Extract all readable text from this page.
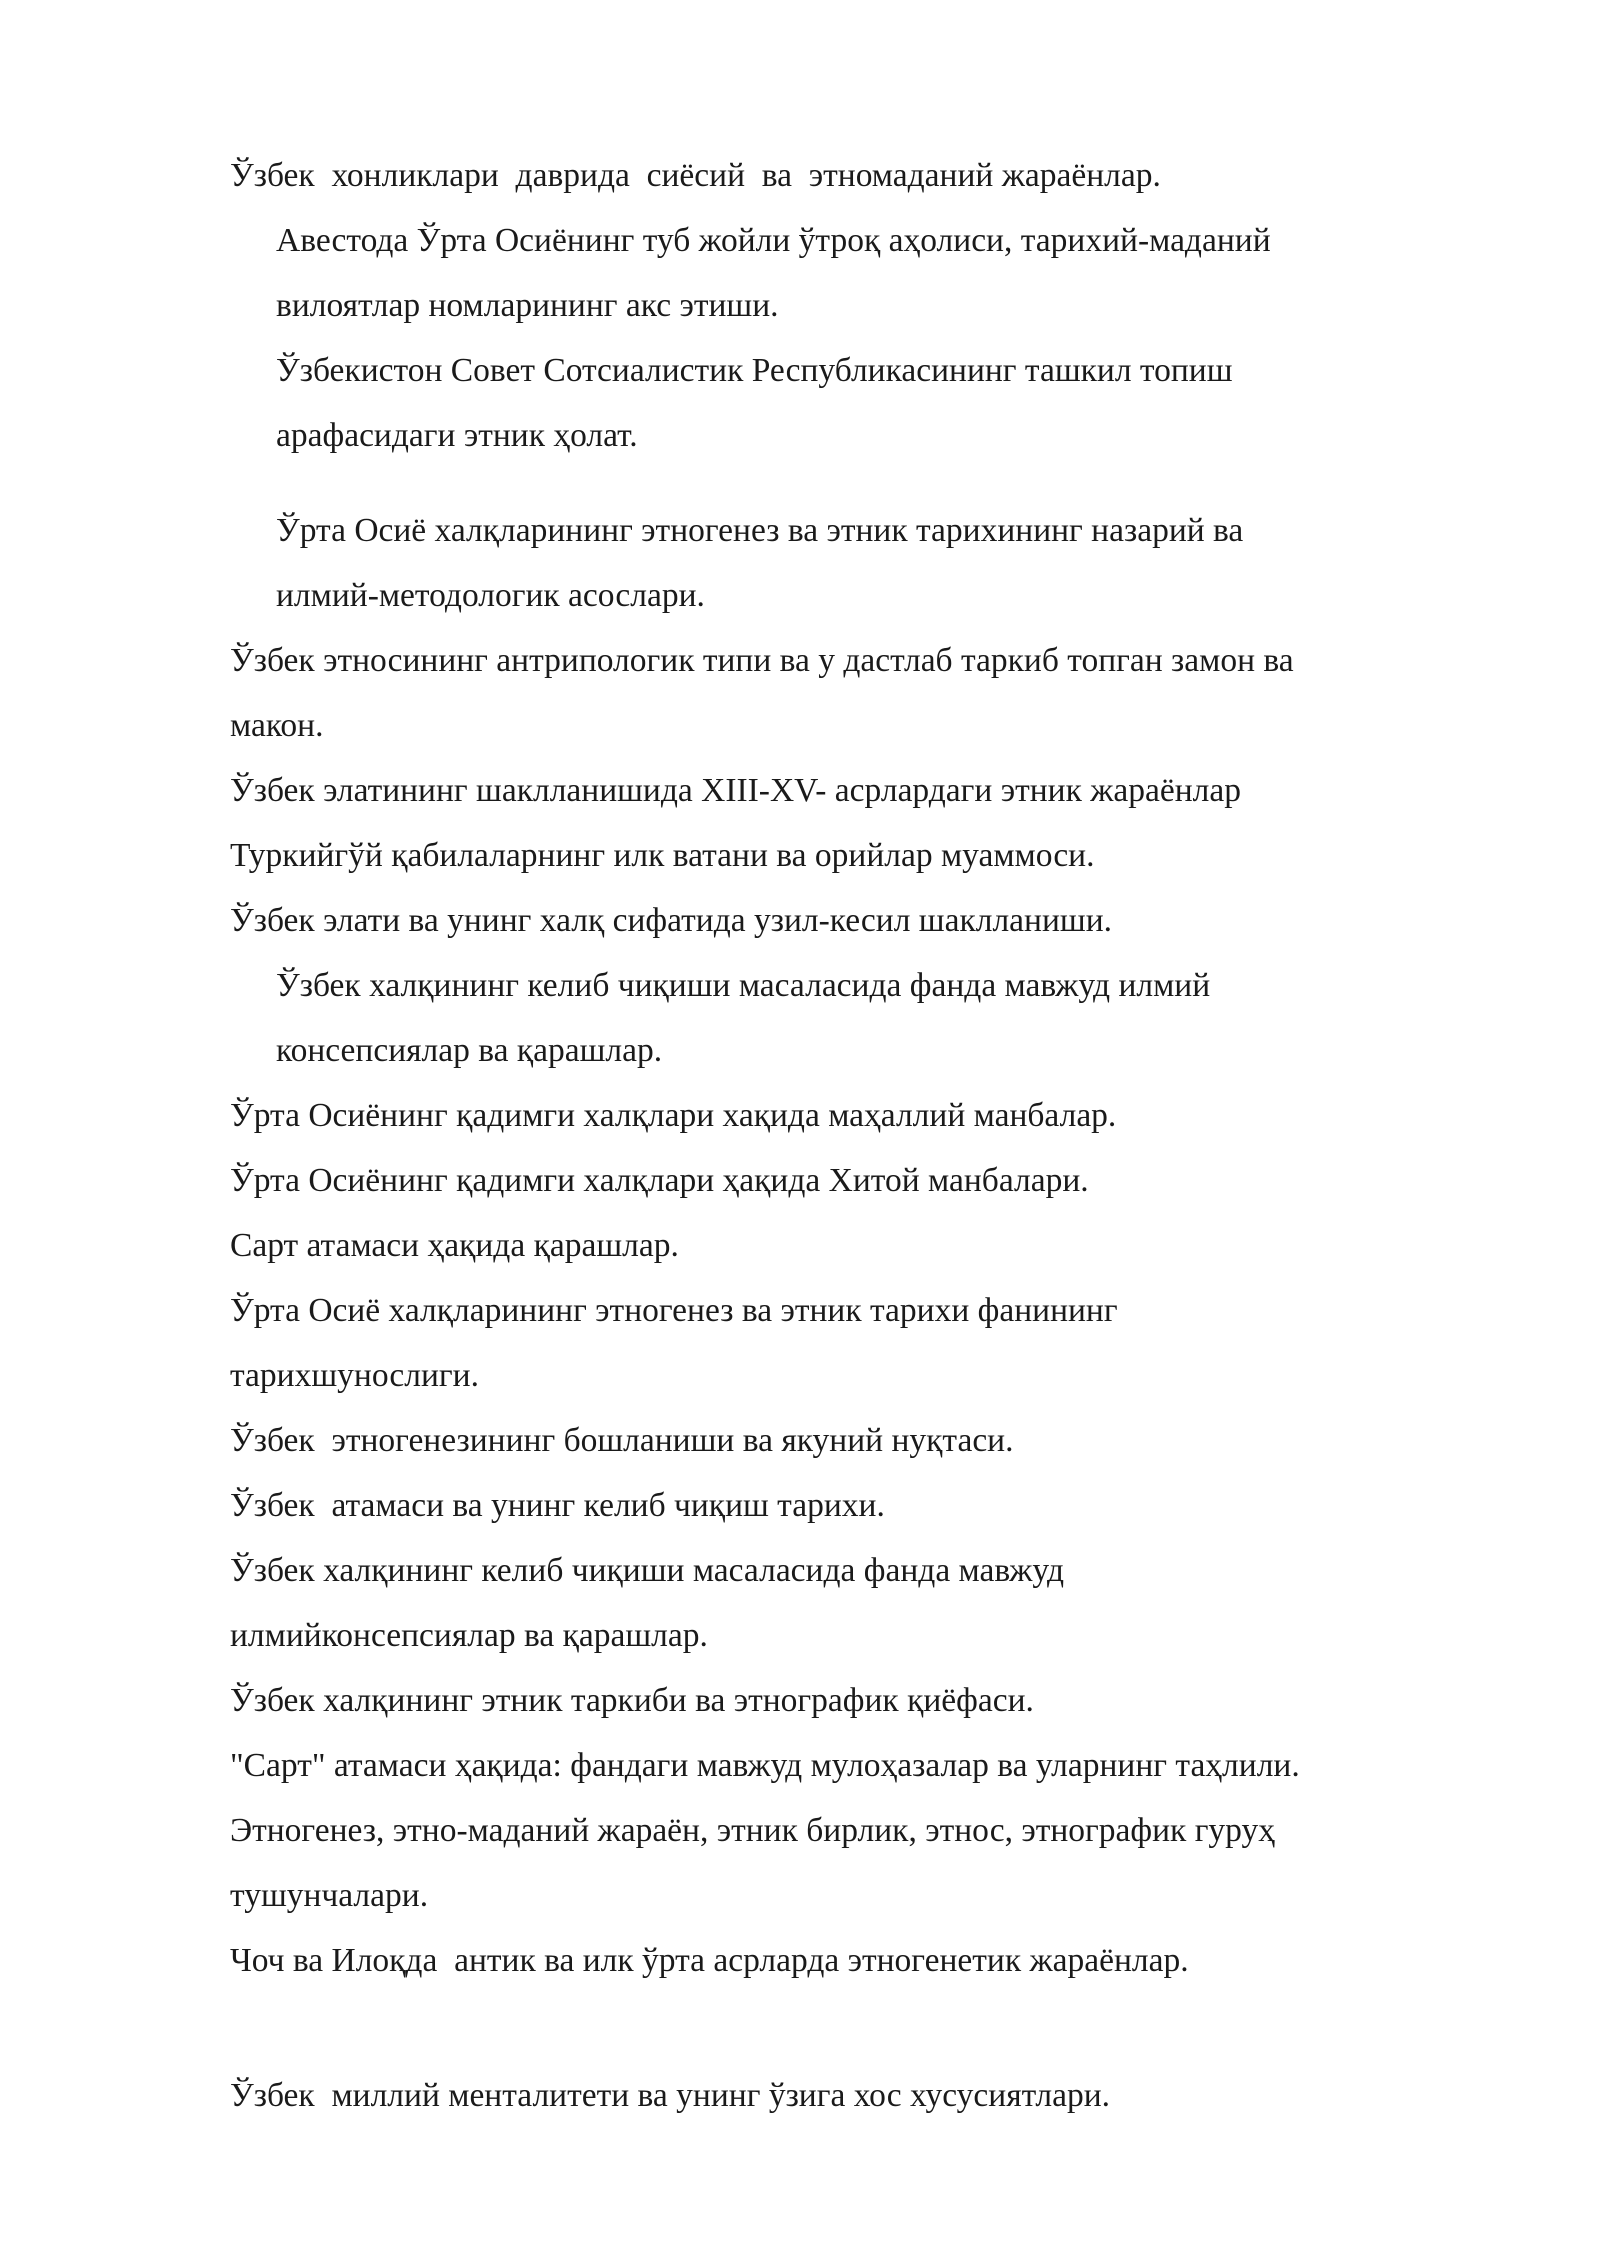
Ўзбек  хонликлари  даврида  сиёсий  ва  этномаданий жараёнлар.
Авестода Ўрта Осиёнинг туб жойли ўтроқ аҳолиси, тарихий-маданий
вилоятлар номларининг акс этиши.
Ўзбекистон Совет Сотсиалистик Республикасининг ташкил топиш
арафасидаги этник ҳолат.
Ўрта Осиё халқларининг этногенез ва этник тарихининг назарий ва
илмий-методологик асослари.
Ўзбек этносининг антрипологик типи ва у дастлаб таркиб топган замон ва
макон.
Ўзбек элатининг шаклланишида XIII-XV- асрлардаги этник жараёнлар
Туркийгўй қабилаларнинг илк ватани ва орийлар муаммоси.
Ўзбек элати ва унинг халқ сифатида узил-кесил шаклланиши.
Ўзбек халқининг келиб чиқиши масаласида фанда мавжуд илмий
консепсиялар ва қарашлар.
Ўрта Осиёнинг қадимги халқлари хақида маҳаллий манбалар.
Ўрта Осиёнинг қадимги халқлари ҳақида Хитой манбалари.
Сарт атамаси ҳақида қарашлар.
Ўрта Осиё халқларининг этногенез ва этник тарихи фанининг
тарихшунослиги.
Ўзбек  этногенезининг бошланиши ва якуний нуқтаси.
Ўзбек  атамаси ва унинг келиб чиқиш тарихи.
Ўзбек халқининг келиб чиқиши масаласида фанда мавжуд
илмийконсепсиялар ва қарашлар.
Ўзбек халқининг этник таркиби ва этнографик қиёфаси.
"Сарт" атамаси ҳақида: фандаги мавжуд мулоҳазалар ва уларнинг таҳлили.
Этногенез, этно-маданий жараён, этник бирлик, этнос, этнографик гуруҳ
тушунчалари.
Чоч ва Илоқда  антик ва илк ўрта асрларда этногенетик жараёнлар.
Ўзбек  миллий менталитети ва унинг ўзига хос хусусиятлари.
